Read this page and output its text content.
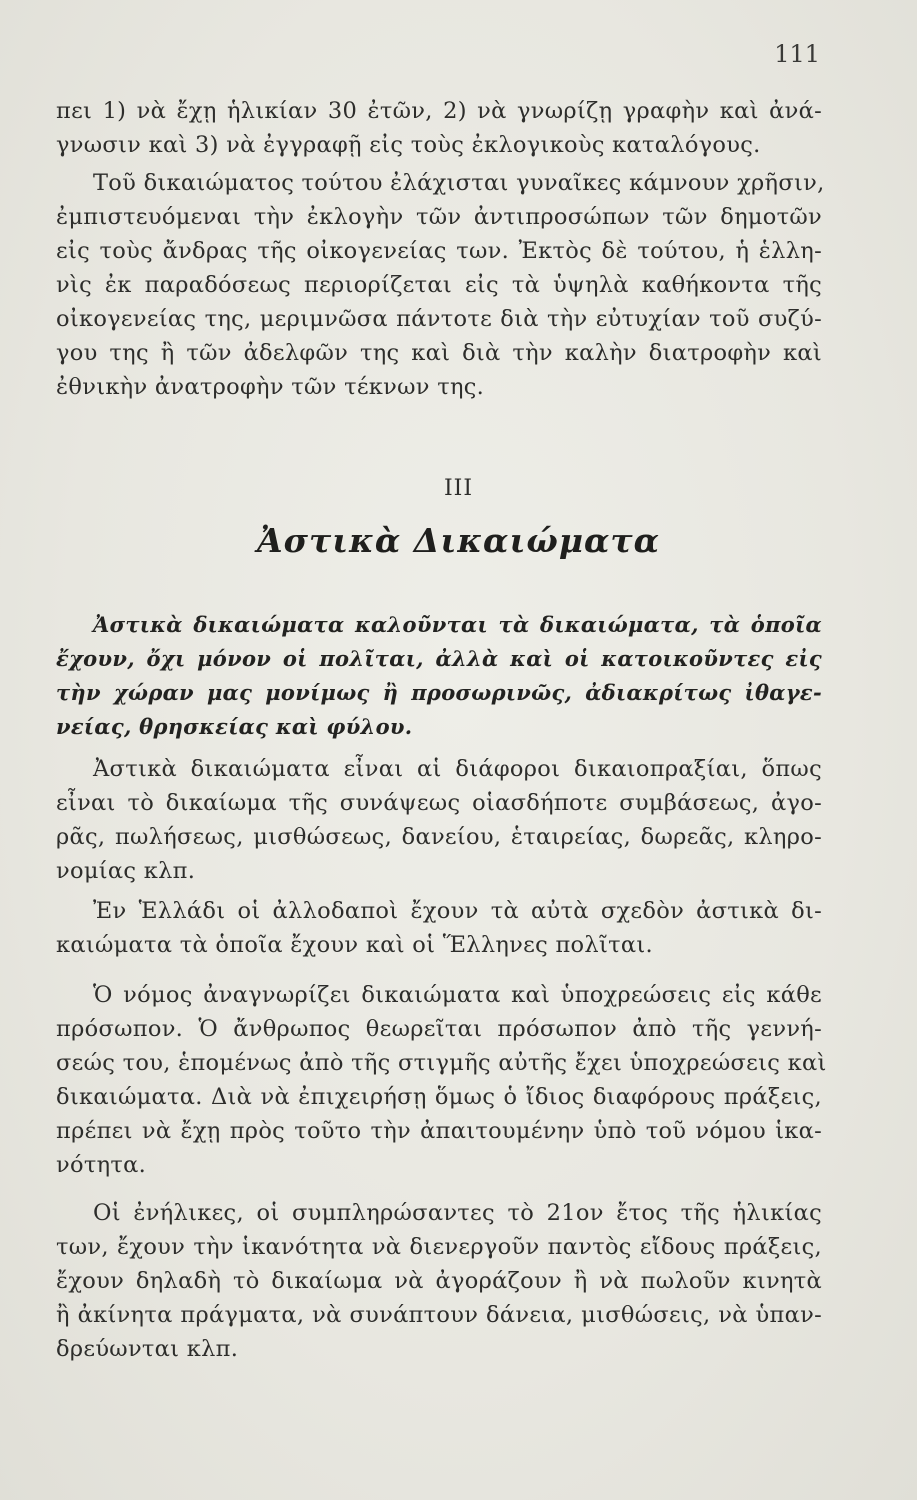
111
πει 1) νὰ ἔχῃ ἡλικίαν 30 ἐτῶν, 2) νὰ γνωρίζῃ γραφὴν καὶ ἀνά-
γνωσιν καὶ 3) νὰ ἐγγραφῇ εἰς τοὺς ἐκλογικοὺς καταλόγους.
Τοῦ δικαιώματος τούτου ἐλάχισται γυναῖκες κάμνουν χρῆσιν,
ἐμπιστευόμεναι τὴν ἐκλογὴν τῶν ἀντιπροσώπων τῶν δημοτῶν
εἰς τοὺς ἄνδρας τῆς οἰκογενείας των. Ἐκτὸς δὲ τούτου, ἡ ἑλλη-
νὶς ἐκ παραδόσεως περιορίζεται εἰς τὰ ὑψηλὰ καθήκοντα τῆς
οἰκογενείας της, μεριμνῶσα πάντοτε διὰ τὴν εὐτυχίαν τοῦ συζύ-
γου της ἢ τῶν ἀδελφῶν της καὶ διὰ τὴν καλὴν διατροφὴν καὶ
ἐθνικὴν ἀνατροφὴν τῶν τέκνων της.
III
Ἀστικὰ Δικαιώματα
Ἀστικὰ δικαιώματα καλοῦνται τὰ δικαιώματα, τὰ ὁποῖα
ἔχουν, ὄχι μόνον οἱ πολῖται, ἀλλὰ καὶ οἱ κατοικοῦντες εἰς
τὴν χώραν μας μονίμως ἢ προσωρινῶς, ἀδιακρίτως ἰθαγε-
νείας, θρησκείας καὶ φύλου.
Ἀστικὰ δικαιώματα εἶναι αἱ διάφοροι δικαιοπραξίαι, ὅπως
εἶναι τὸ δικαίωμα τῆς συνάψεως οἱασδήποτε συμβάσεως, ἀγο-
ρᾶς, πωλήσεως, μισθώσεως, δανείου, ἑταιρείας, δωρεᾶς, κληρο-
νομίας κλπ.
Ἐν Ἑλλάδι οἱ ἀλλοδαποὶ ἔχουν τὰ αὐτὰ σχεδὸν ἀστικὰ δι-
καιώματα τὰ ὁποῖα ἔχουν καὶ οἱ Ἕλληνες πολῖται.
Ὁ νόμος ἀναγνωρίζει δικαιώματα καὶ ὑποχρεώσεις εἰς κάθε
πρόσωπον. Ὁ ἄνθρωπος θεωρεῖται πρόσωπον ἀπὸ τῆς γεννή-
σεώς του, ἑπομένως ἀπὸ τῆς στιγμῆς αὐτῆς ἔχει ὑποχρεώσεις καὶ
δικαιώματα. Διὰ νὰ ἐπιχειρήσῃ ὅμως ὁ ἴδιος διαφόρους πράξεις,
πρέπει νὰ ἔχῃ πρὸς τοῦτο τὴν ἀπαιτουμένην ὑπὸ τοῦ νόμου ἱκα-
νότητα.
Οἱ ἐνήλικες, οἱ συμπληρώσαντες τὸ 21ον ἔτος τῆς ἡλικίας
των, ἔχουν τὴν ἱκανότητα νὰ διενεργοῦν παντὸς εἴδους πράξεις,
ἔχουν δηλαδὴ τὸ δικαίωμα νὰ ἀγοράζουν ἢ νὰ πωλοῦν κινητὰ
ἢ ἀκίνητα πράγματα, νὰ συνάπτουν δάνεια, μισθώσεις, νὰ ὑπαν-
δρεύωνται κλπ.
